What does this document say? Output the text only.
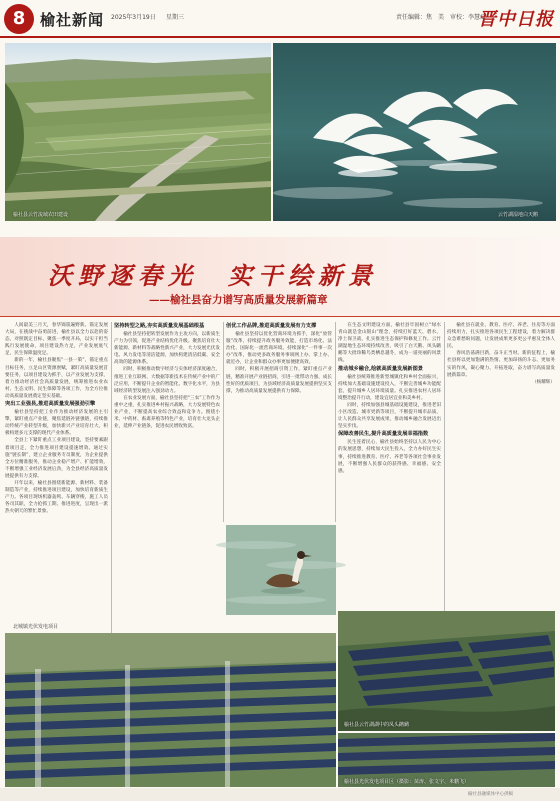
8 榆社新闻 2025年3月19日 星期三	责任编辑：焦　美　审校：李慧斌
晋中日报
榆社县云竹流域农田建设	云竹湖湿地白天鹅
沃野逐春光　实干绘新景
——榆社县奋力谱写高质量发展新篇章

人间最美三月天，春华锦簇遍野新。锚定发展大局，在挑战中奋勇前进，榆社县以全力以赴的姿态，对照既定目标，聚焦一季度开局，以实干担当践行发展使命，项目建设热力足，产业发展底气足，民生保障温度足。

新的一年，榆社县聚焦“一县一策”，锚定重点目标任务，立足山区资源禀赋，紧盯高质量发展首要任务，以项目建设为抓手，以产业发展为支撑，着力推动经济社会高质量发展，统筹推进农业农村、生态文明、民生保障等各项工作，为全方位推动高质量发展奠定坚实基础。

突出工业强县,推进高质量发展强劲引擎

榆社县坚持把工业作为推动经济发展的主引擎，紧盯重点产业链，聚焦延链补链强链，持续推动传统产业转型升级，加快新兴产业培育壮大，积极构建多元支撑的现代产业体系。

全县上下紧盯重点工业项目建设，坚持要素跟着项目走，全力推进项目建设提速增效。通过实施“链长制”，建立企业服务专员制度，为企业提供全方位精准服务，推动企业稳产增产、扩能增效，不断增强工业经济发展后劲，为全县经济高质量发展提供有力支撑。

开年以来，榆社县围绕新能源、新材料、装备制造等产业，持续推进项目建设，加快培育新质生产力。各项目现场机器轰鸣、车辆穿梭，施工人员各司其职，全力抢抓工期、推进进度，呈现出一派热火朝天的繁忙景象。

坚持转型之路,夯实高质量发展基础根基

榆社县坚持把转型发展作为主攻方向，以新质生产力为引领，促进产业结构优化升级。聚焦培育壮大新能源、新材料等战略性新兴产业，大力发展光伏发电、风力发电等清洁能源，加快构建清洁低碳、安全高效的能源体系。

同时，积极推动数字经济与实体经济深度融合，推进工业互联网、大数据等新技术在传统产业中的广泛应用，不断提升企业的智能化、数字化水平，为县域经济转型发展注入强劲动力。

在农业发展方面，榆社县坚持把“三农”工作作为重中之重，扎实推进乡村振兴战略，大力发展特色农业产业，不断提高农业综合效益和竞争力。围绕小米、中药材、畜禽养殖等特色产业，培育壮大龙头企业，延伸产业链条，促进农民增收致富。

创优工作品牌,推进高质量发展有力支撑

榆社县坚持以优化营商环境为抓手，深化“放管服”改革，持续提升政务服务效能，打造市场化、法治化、国际化一流营商环境。持续深化“一件事一次办”改革，推动更多政务服务事项网上办、掌上办、就近办，让企业和群众办事更加便捷高效。

同时，积极开展招商引资工作，紧盯重点产业链，精准开展产业链招商，引进一批带动力强、成长性好的优质项目，为县域经济高质量发展提供坚实支撑，为推动高质量发展提供有力保障。

在生态文明建设方面，榆社县牢固树立“绿水青山就是金山银山”理念，持续打好蓝天、碧水、净土保卫战，扎实推进生态保护和修复工作。云竹湖湿地生态环境持续改善，吸引了白天鹅、凤头䴙䴘等大批珍稀鸟类栖息越冬，成为一道亮丽的风景线。

推动城乡融合,绘就高质量发展新图景

榆社县统筹推进新型城镇化和乡村全面振兴，持续加大基础设施建设投入，不断完善城乡功能配套，提升城乡人居环境质量。扎实推进农村人居环境整治提升行动，建设宜居宜业和美乡村。

同时，持续加强县城基础设施建设，推进老旧小区改造、城市更新等项目，不断提升城市品质，让人民群众共享发展成果，推动城乡融合发展迈出坚实步伐。

保障改善民生,提升高质量发展幸福指数

民生连着民心，榆社县始终坚持以人民为中心的发展思想，持续加大民生投入，全力办好民生实事，持续推进教育、医疗、养老等各项社会事业发展，不断增强人民群众的获得感、幸福感、安全感。

榆社县在就业、教育、医疗、养老、住房等方面持续用力，扎实推进各项民生工程建设，着力解决群众急难愁盼问题，让发展成果更多更公平惠及全体人民。

春风浩荡满目新，奋斗正当时。新的征程上，榆社县将以更加饱满的热情、更加昂扬的斗志、更加务实的作风，凝心聚力、开拓进取，奋力谱写高质量发展新篇章。

（杨耀辉）

榆社县云竹湖湖中的凤头䴙䴘
北城镇光伏发电项目
榆社县光伏发电项目区（摄影：苗涛、张文宇、米鹏飞）
榆社县融媒体中心供稿
